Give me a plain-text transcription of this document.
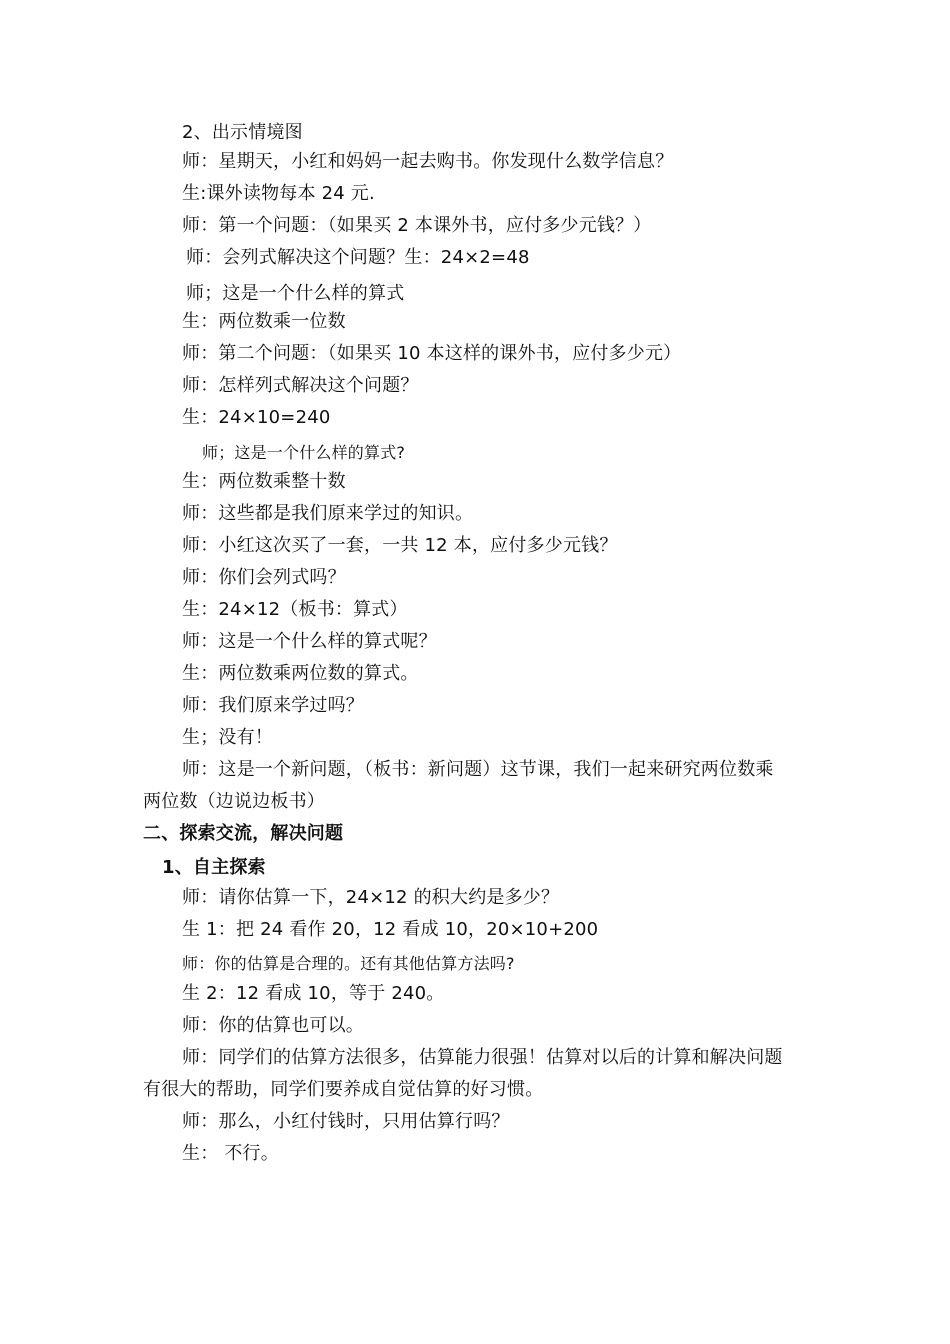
2、出示情境图
师：星期天，小红和妈妈一起去购书。你发现什么数学信息？
生:课外读物每本 24 元.
师：第一个问题：（如果买 2 本课外书，应付多少元钱？）
师：会列式解决这个问题？生：24×2=48
师；这是一个什么样的算式
生：两位数乘一位数
师：第二个问题：（如果买 10 本这样的课外书，应付多少元）
师：怎样列式解决这个问题？
生：24×10=240
师；这是一个什么样的算式?
生：两位数乘整十数
师：这些都是我们原来学过的知识。
师：小红这次买了一套，一共 12 本，应付多少元钱？
师：你们会列式吗？
生：24×12（板书：算式）
师：这是一个什么样的算式呢？
生：两位数乘两位数的算式。
师：我们原来学过吗？
生；没有！
师：这是一个新问题，（板书：新问题）这节课，我们一起来研究两位数乘
两位数（边说边板书）
二、探索交流，解决问题
1、自主探索
师：请你估算一下，24×12 的积大约是多少？
生 1：把 24 看作 20，12 看成 10，20×10+200
师：你的估算是合理的。还有其他估算方法吗?
生 2：12 看成 10，等于 240。
师：你的估算也可以。
师：同学们的估算方法很多，估算能力很强！估算对以后的计算和解决问题
有很大的帮助，同学们要养成自觉估算的好习惯。
师：那么，小红付钱时，只用估算行吗？
生： 不行。
